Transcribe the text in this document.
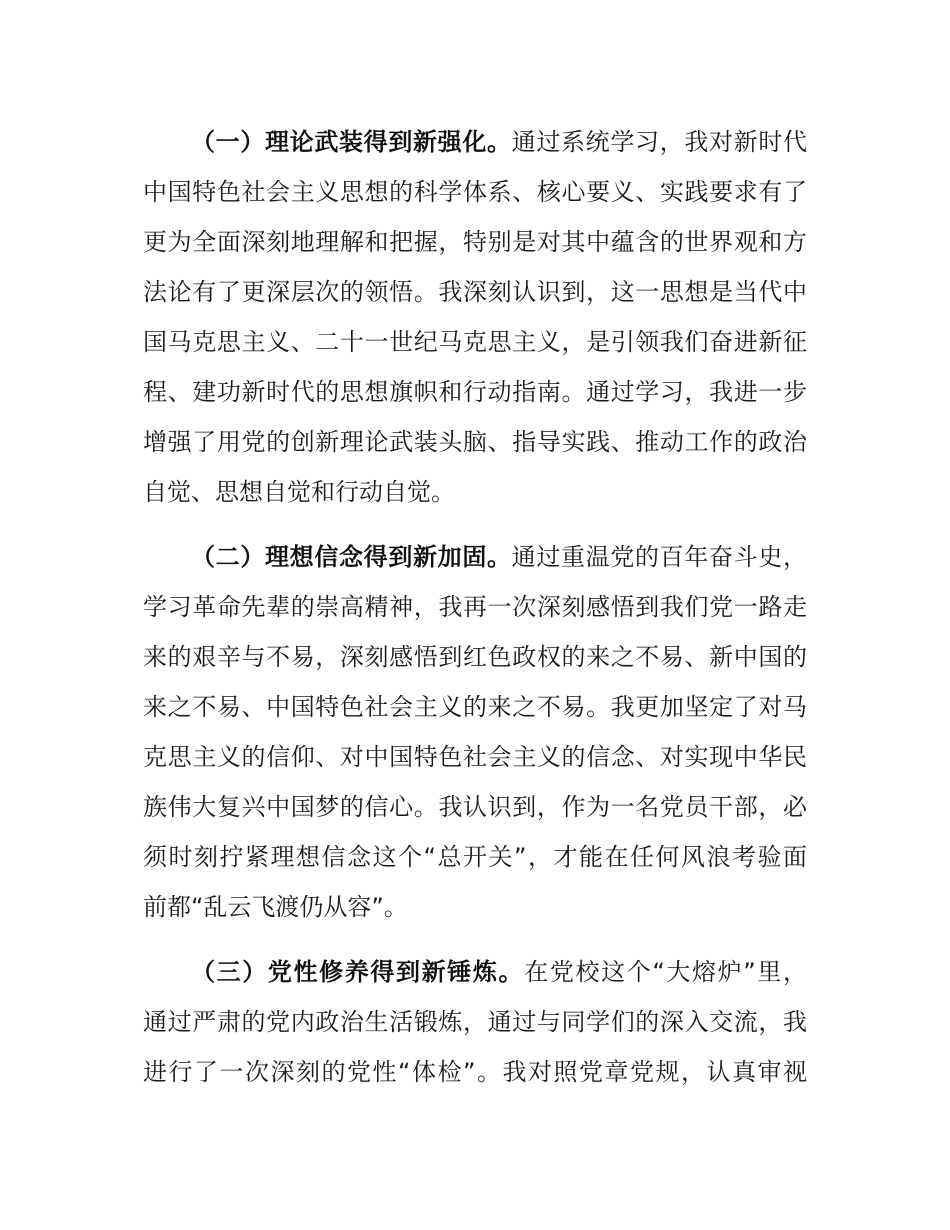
（一）理论武装得到新强化。通过系统学习，我对新时代
中国特色社会主义思想的科学体系、核心要义、实践要求有了
更为全面深刻地理解和把握，特别是对其中蕴含的世界观和方
法论有了更深层次的领悟。我深刻认识到，这一思想是当代中
国马克思主义、二十一世纪马克思主义，是引领我们奋进新征
程、建功新时代的思想旗帜和行动指南。通过学习，我进一步
增强了用党的创新理论武装头脑、指导实践、推动工作的政治
自觉、思想自觉和行动自觉。
（二）理想信念得到新加固。通过重温党的百年奋斗史，
学习革命先辈的崇高精神，我再一次深刻感悟到我们党一路走
来的艰辛与不易，深刻感悟到红色政权的来之不易、新中国的
来之不易、中国特色社会主义的来之不易。我更加坚定了对马
克思主义的信仰、对中国特色社会主义的信念、对实现中华民
族伟大复兴中国梦的信心。我认识到，作为一名党员干部，必
须时刻拧紧理想信念这个“总开关”，才能在任何风浪考验面
前都“乱云飞渡仍从容”。
（三）党性修养得到新锤炼。在党校这个“大熔炉”里，
通过严肃的党内政治生活锻炼，通过与同学们的深入交流，我
进行了一次深刻的党性“体检”。我对照党章党规，认真审视
